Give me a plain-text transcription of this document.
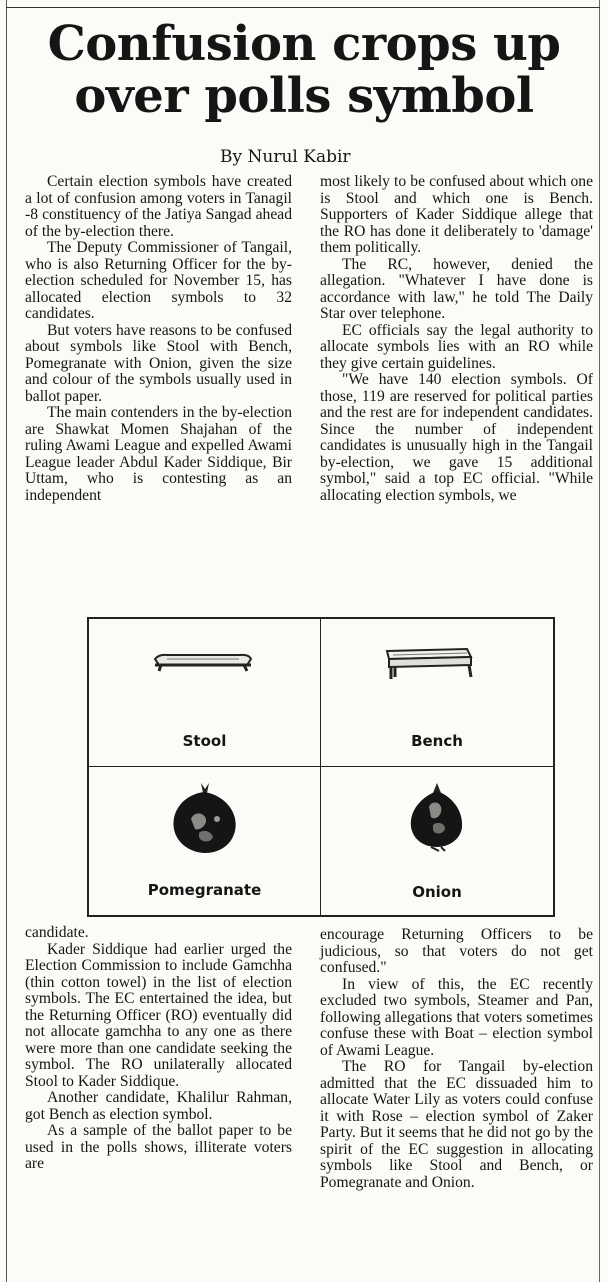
Confusion crops up
over polls symbol
By Nurul Kabir

Certain election symbols have created a lot of confusion among voters in Tanagil -8 constituency of the Jatiya Sangad ahead of the by-election there.

The Deputy Commissioner of Tangail, who is also Returning Officer for the by-election scheduled for November 15, has allocated election symbols to 32 candidates.

But voters have reasons to be confused about symbols like Stool with Bench, Pomegranate with Onion, given the size and colour of the symbols usually used in ballot paper.

The main contenders in the by-election are Shawkat Momen Shajahan of the ruling Awami League and expelled Awami League leader Abdul Kader Siddique, Bir Uttam, who is contesting as an independent

most likely to be confused about which one is Stool and which one is Bench. Supporters of Kader Siddique allege that the RO has done it deliberately to 'damage' them politically.

The RC, however, denied the allegation. "Whatever I have done is accordance with law," he told The Daily Star over telephone.

EC officials say the legal authority to allocate symbols lies with an RO while they give certain guidelines.

"We have 140 election symbols. Of those, 119 are reserved for political parties and the rest are for independent candidates. Since the number of independent candidates is unusually high in the Tangail by-election, we gave 15 additional symbol," said a top EC official. "While allocating election symbols, we

Stool	Bench
Pomegranate	Onion

candidate.

Kader Siddique had earlier urged the Election Commission to include Gamchha (thin cotton towel) in the list of election symbols. The EC entertained the idea, but the Returning Officer (RO) eventually did not allocate gamchha to any one as there were more than one candidate seeking the symbol. The RO unilaterally allocated Stool to Kader Siddique.

Another candidate, Khalilur Rahman, got Bench as election symbol.

As a sample of the ballot paper to be used in the polls shows, illiterate voters are

encourage Returning Officers to be judicious, so that voters do not get confused."

In view of this, the EC recently excluded two symbols, Steamer and Pan, following allegations that voters sometimes confuse these with Boat – election symbol of Awami League.

The RO for Tangail by-election admitted that the EC dissuaded him to allocate Water Lily as voters could confuse it with Rose – election symbol of Zaker Party. But it seems that he did not go by the spirit of the EC suggestion in allocating symbols like Stool and Bench, or Pomegranate and Onion.
